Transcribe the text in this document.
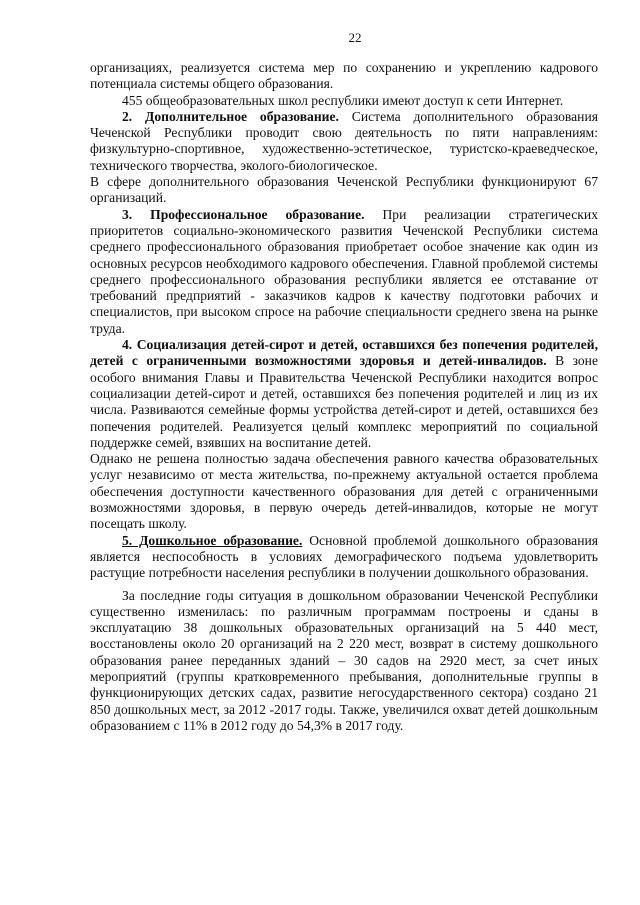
22

организациях, реализуется система мер по сохранению и укреплению кадрового потенциала системы общего образования.

455 общеобразовательных школ республики имеют доступ к сети Интернет.

2. Дополнительное образование. Система дополнительного образования Чеченской Республики проводит свою деятельность по пяти направлениям: физкультурно-спортивное, художественно-эстетическое, туристско-краеведческое, технического творчества, эколого-биологическое.

В сфере дополнительного образования Чеченской Республики функционируют 67 организаций.

3. Профессиональное образование. При реализации стратегических приоритетов социально-экономического развития Чеченской Республики система среднего профессионального образования приобретает особое значение как один из основных ресурсов необходимого кадрового обеспечения. Главной проблемой системы среднего профессионального образования республики является ее отставание от требований предприятий - заказчиков кадров к качеству подготовки рабочих и специалистов, при высоком спросе на рабочие специальности среднего звена на рынке труда.

4. Социализация детей-сирот и детей, оставшихся без попечения родителей, детей с ограниченными возможностями здоровья и детей-инвалидов. В зоне особого внимания Главы и Правительства Чеченской Республики находится вопрос социализации детей-сирот и детей, оставшихся без попечения родителей и лиц из их числа. Развиваются семейные формы устройства детей-сирот и детей, оставшихся без попечения родителей. Реализуется целый комплекс мероприятий по социальной поддержке семей, взявших на воспитание детей.

Однако не решена полностью задача обеспечения равного качества образовательных услуг независимо от места жительства, по-прежнему актуальной остается проблема обеспечения доступности качественного образования для детей с ограниченными возможностями здоровья, в первую очередь детей-инвалидов, которые не могут посещать школу.

5. Дошкольное образование. Основной проблемой дошкольного образования является неспособность в условиях демографического подъема удовлетворить растущие потребности населения республики в получении дошкольного образования.

За последние годы ситуация в дошкольном образовании Чеченской Республики существенно изменилась: по различным программам построены и сданы в эксплуатацию 38 дошкольных образовательных организаций на 5 440 мест, восстановлены около 20 организаций на 2 220 мест, возврат в систему дошкольного образования ранее переданных зданий – 30 садов на 2920 мест, за счет иных мероприятий (группы кратковременного пребывания, дополнительные группы в функционирующих детских садах, развитие негосударственного сектора) создано 21 850 дошкольных мест, за 2012 -2017 годы. Также, увеличился охват детей дошкольным образованием с 11% в 2012 году до 54,3% в 2017 году.
